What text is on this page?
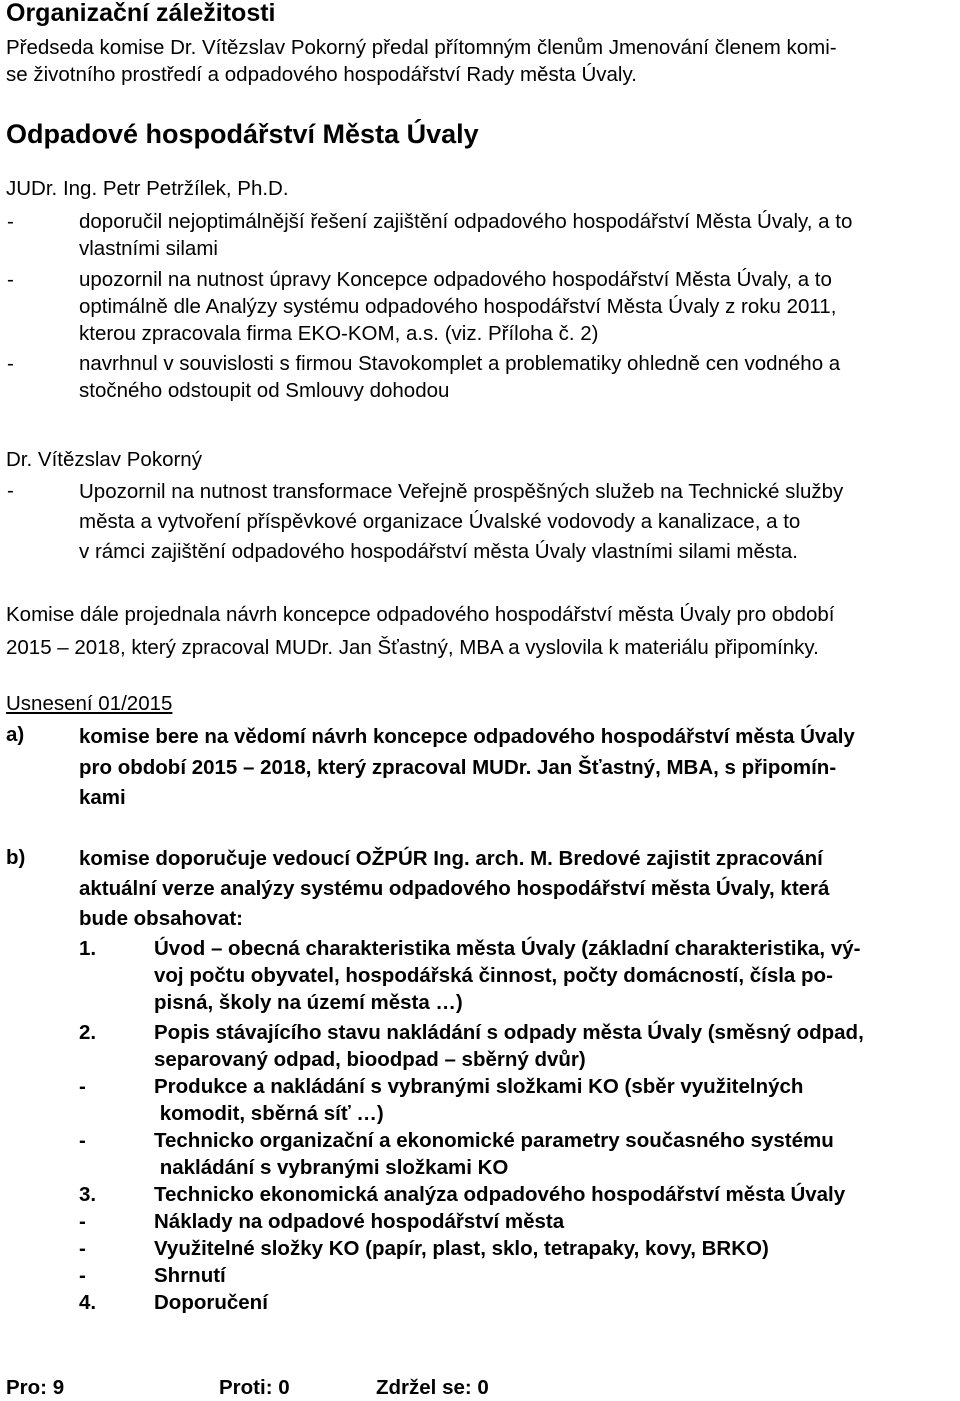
Organizační záležitosti
Předseda komise Dr. Vítězslav Pokorný předal přítomným členům Jmenování členem komi-
se životního prostředí a odpadového hospodářství Rady města Úvaly.
Odpadové hospodářství Města Úvaly
JUDr. Ing. Petr Petržílek, Ph.D.
-	doporučil nejoptimálnější řešení zajištění odpadového hospodářství Města Úvaly, a to
vlastními silami
-	upozornil na nutnost úpravy Koncepce odpadového hospodářství Města Úvaly, a to
optimálně dle Analýzy systému odpadového hospodářství Města Úvaly z roku 2011,
kterou zpracovala firma EKO-KOM, a.s. (viz. Příloha č. 2)
-	navrhnul v souvislosti s firmou Stavokomplet a problematiky ohledně cen vodného a
stočného odstoupit od Smlouvy dohodou
Dr. Vítězslav Pokorný
-	Upozornil na nutnost transformace Veřejně prospěšných služeb na Technické služby
města a vytvoření příspěvkové organizace Úvalské vodovody a kanalizace, a to
v rámci zajištění odpadového hospodářství města Úvaly vlastními silami města.
Komise dále projednala návrh koncepce odpadového hospodářství města Úvaly pro období
2015 – 2018, který zpracoval MUDr. Jan Šťastný, MBA a vyslovila k materiálu připomínky.
Usnesení 01/2015
a)	komise bere na vědomí návrh koncepce odpadového hospodářství města Úvaly
pro období 2015 – 2018, který zpracoval MUDr. Jan Šťastný, MBA, s připomín-
kami
b)	komise doporučuje vedoucí OŽPÚR Ing. arch. M. Bredové zajistit zpracování
aktuální verze analýzy systému odpadového hospodářství města Úvaly, která
bude obsahovat:
1.	Úvod – obecná charakteristika města Úvaly (základní charakteristika, vý-
voj počtu obyvatel, hospodářská činnost, počty domácností, čísla po-
pisná, školy na území města …)
2.	Popis stávajícího stavu nakládání s odpady města Úvaly (směsný odpad,
separovaný odpad, bioodpad – sběrný dvůr)
-	Produkce a nakládání s vybranými složkami KO (sběr využitelných
komodit, sběrná síť …)
-	Technicko organizační a ekonomické parametry současného systému
nakládání s vybranými složkami KO
3.	Technicko ekonomická analýza odpadového hospodářství města Úvaly
-	Náklady na odpadové hospodářství města
-	Využitelné složky KO (papír, plast, sklo, tetrapaky, kovy, BRKO)
-	Shrnutí
4.	Doporučení
Pro: 9	Proti: 0	Zdržel se: 0
